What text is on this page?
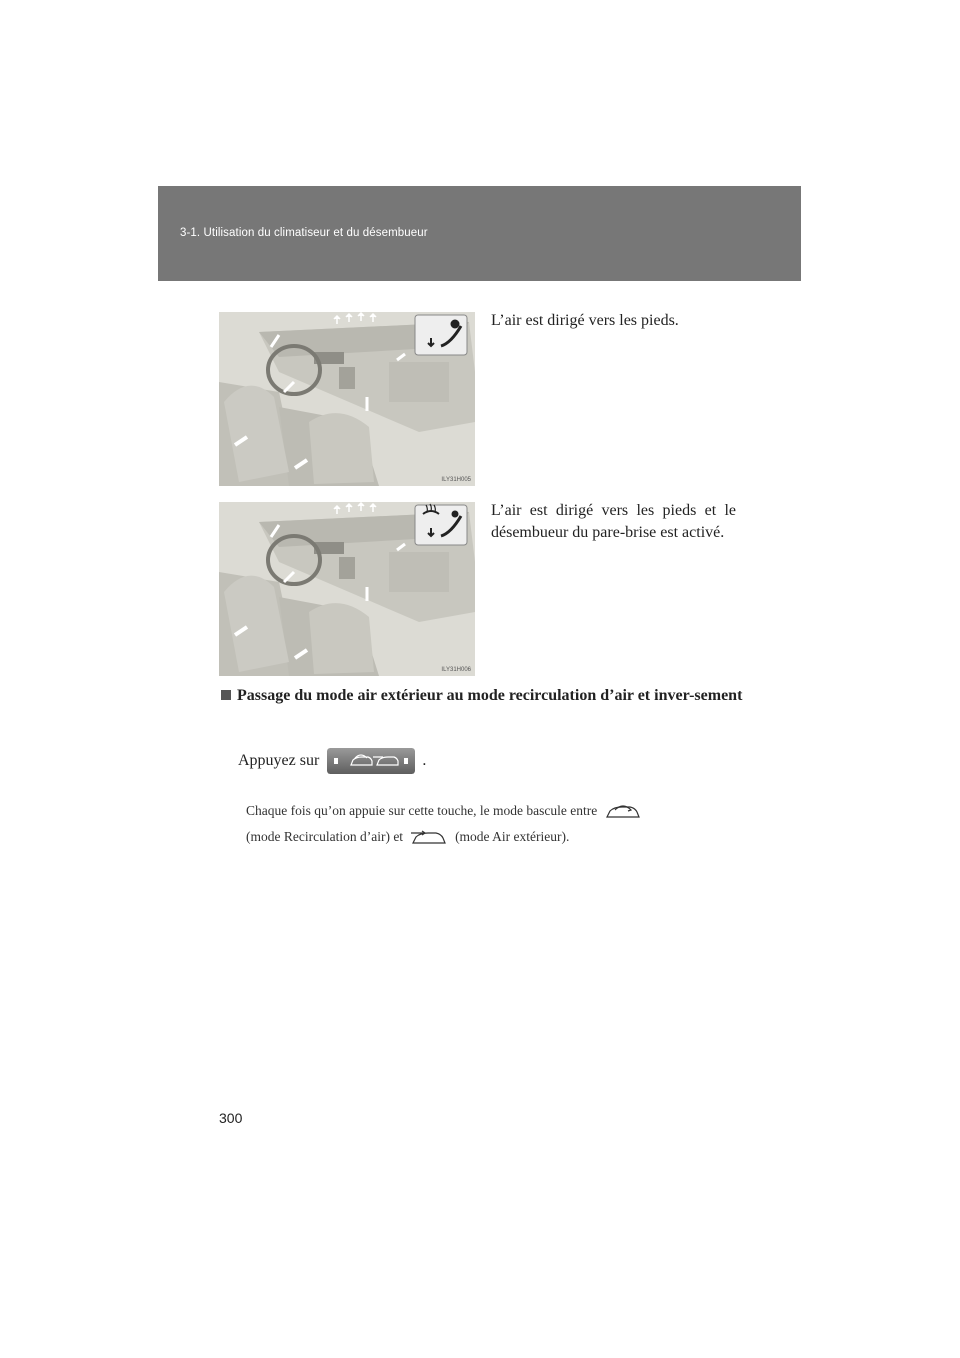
3-1. Utilisation du climatiseur et du désembueur
ILY31H005
L’air est dirigé vers les pieds.
ILY31H006
L’air est dirigé vers les pieds et le désembueur du pare-brise est activé.
Passage du mode air extérieur au mode recirculation d’air et inver-sement
Appuyez sur	.
Chaque fois qu’on appuie sur cette touche, le mode bascule entre
(mode Recirculation d’air) et	(mode Air extérieur).
300
